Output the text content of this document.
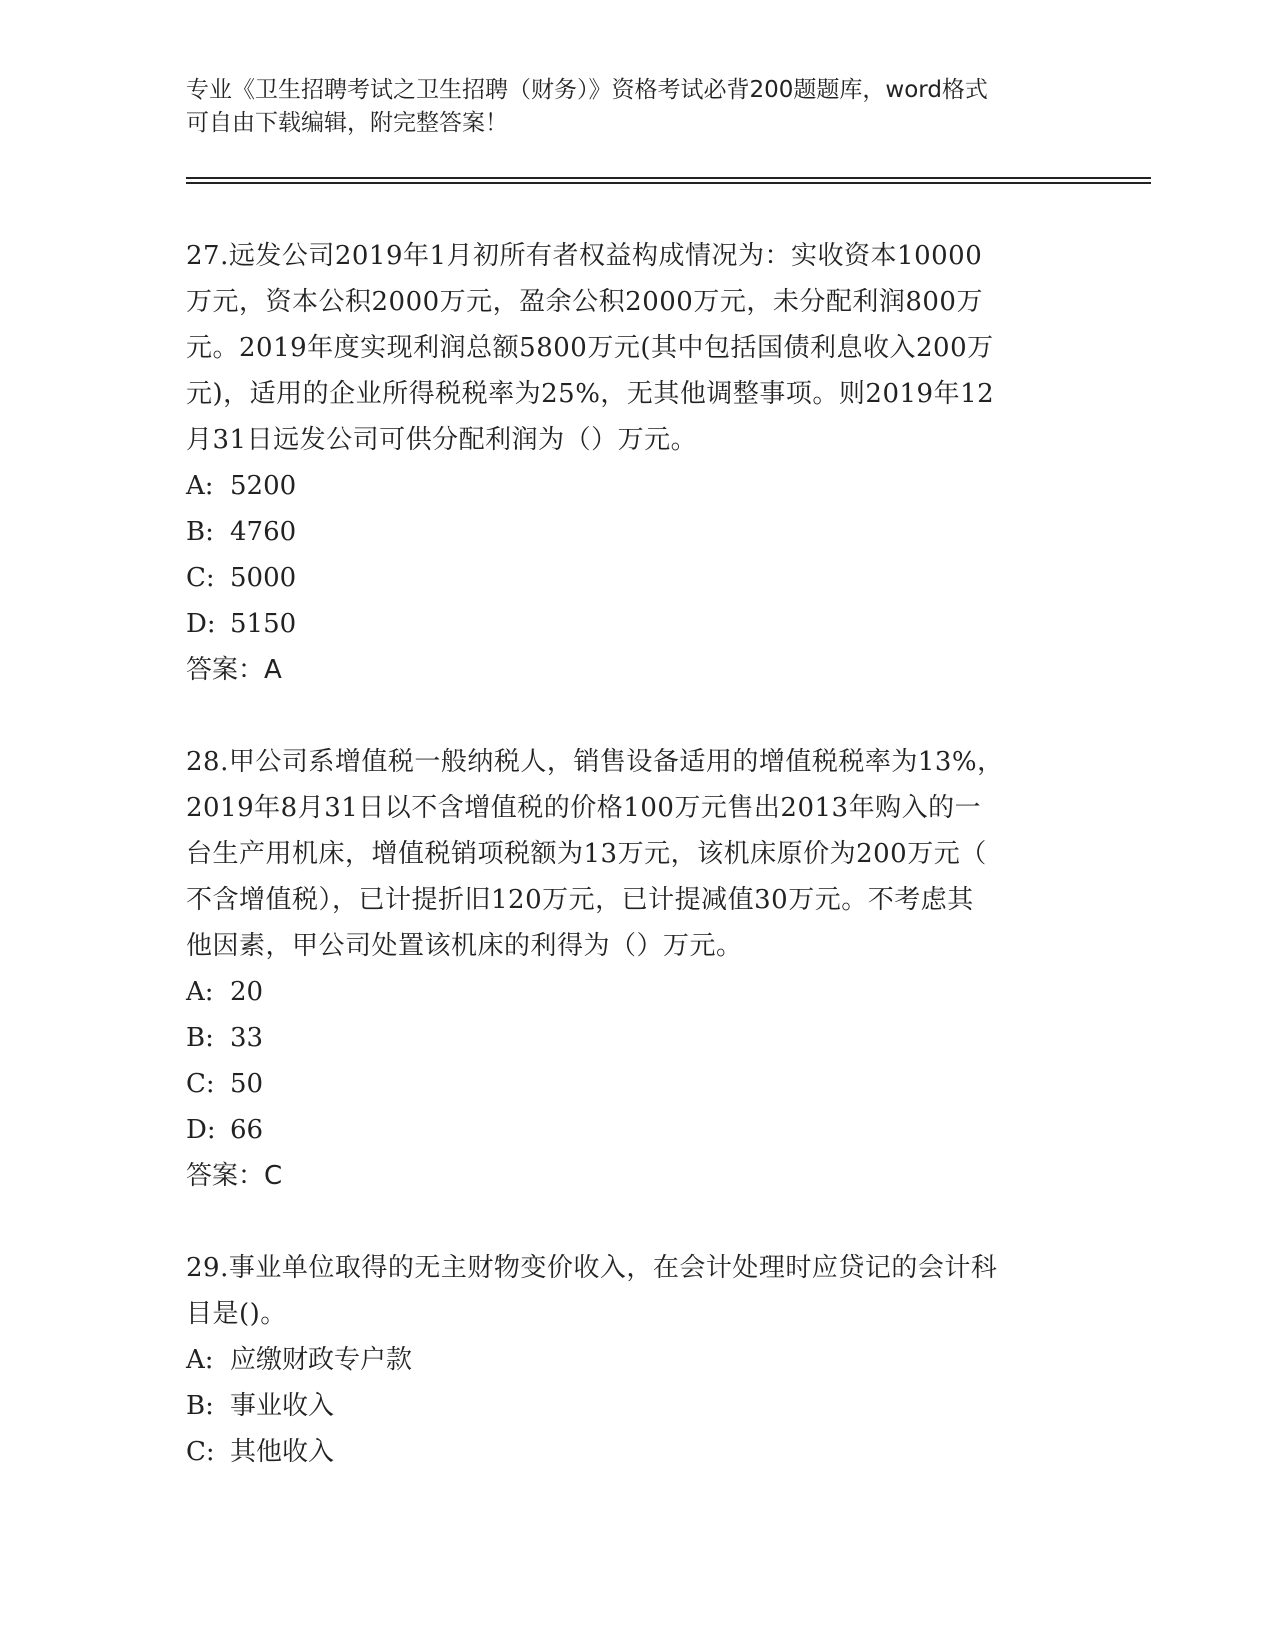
专业《卫生招聘考试之卫生招聘（财务）》资格考试必背200题题库，word格式
可自由下载编辑，附完整答案！
27.远发公司2019年1月初所有者权益构成情况为：实收资本10000
万元，资本公积2000万元，盈余公积2000万元，未分配利润800万
元。2019年度实现利润总额5800万元(其中包括国债利息收入200万
元)，适用的企业所得税税率为25%，无其他调整事项。则2019年12
月31日远发公司可供分配利润为（）万元。
A: 5200
B: 4760
C: 5000
D: 5150
答案：A
28.甲公司系增值税一般纳税人，销售设备适用的增值税税率为13%，
2019年8月31日以不含增值税的价格100万元售出2013年购入的一
台生产用机床，增值税销项税额为13万元，该机床原价为200万元（
不含增值税），已计提折旧120万元，已计提减值30万元。不考虑其
他因素，甲公司处置该机床的利得为（）万元。
A: 20
B: 33
C: 50
D: 66
答案：C
29.事业单位取得的无主财物变价收入，在会计处理时应贷记的会计科
目是()。
A: 应缴财政专户款
B: 事业收入
C: 其他收入
